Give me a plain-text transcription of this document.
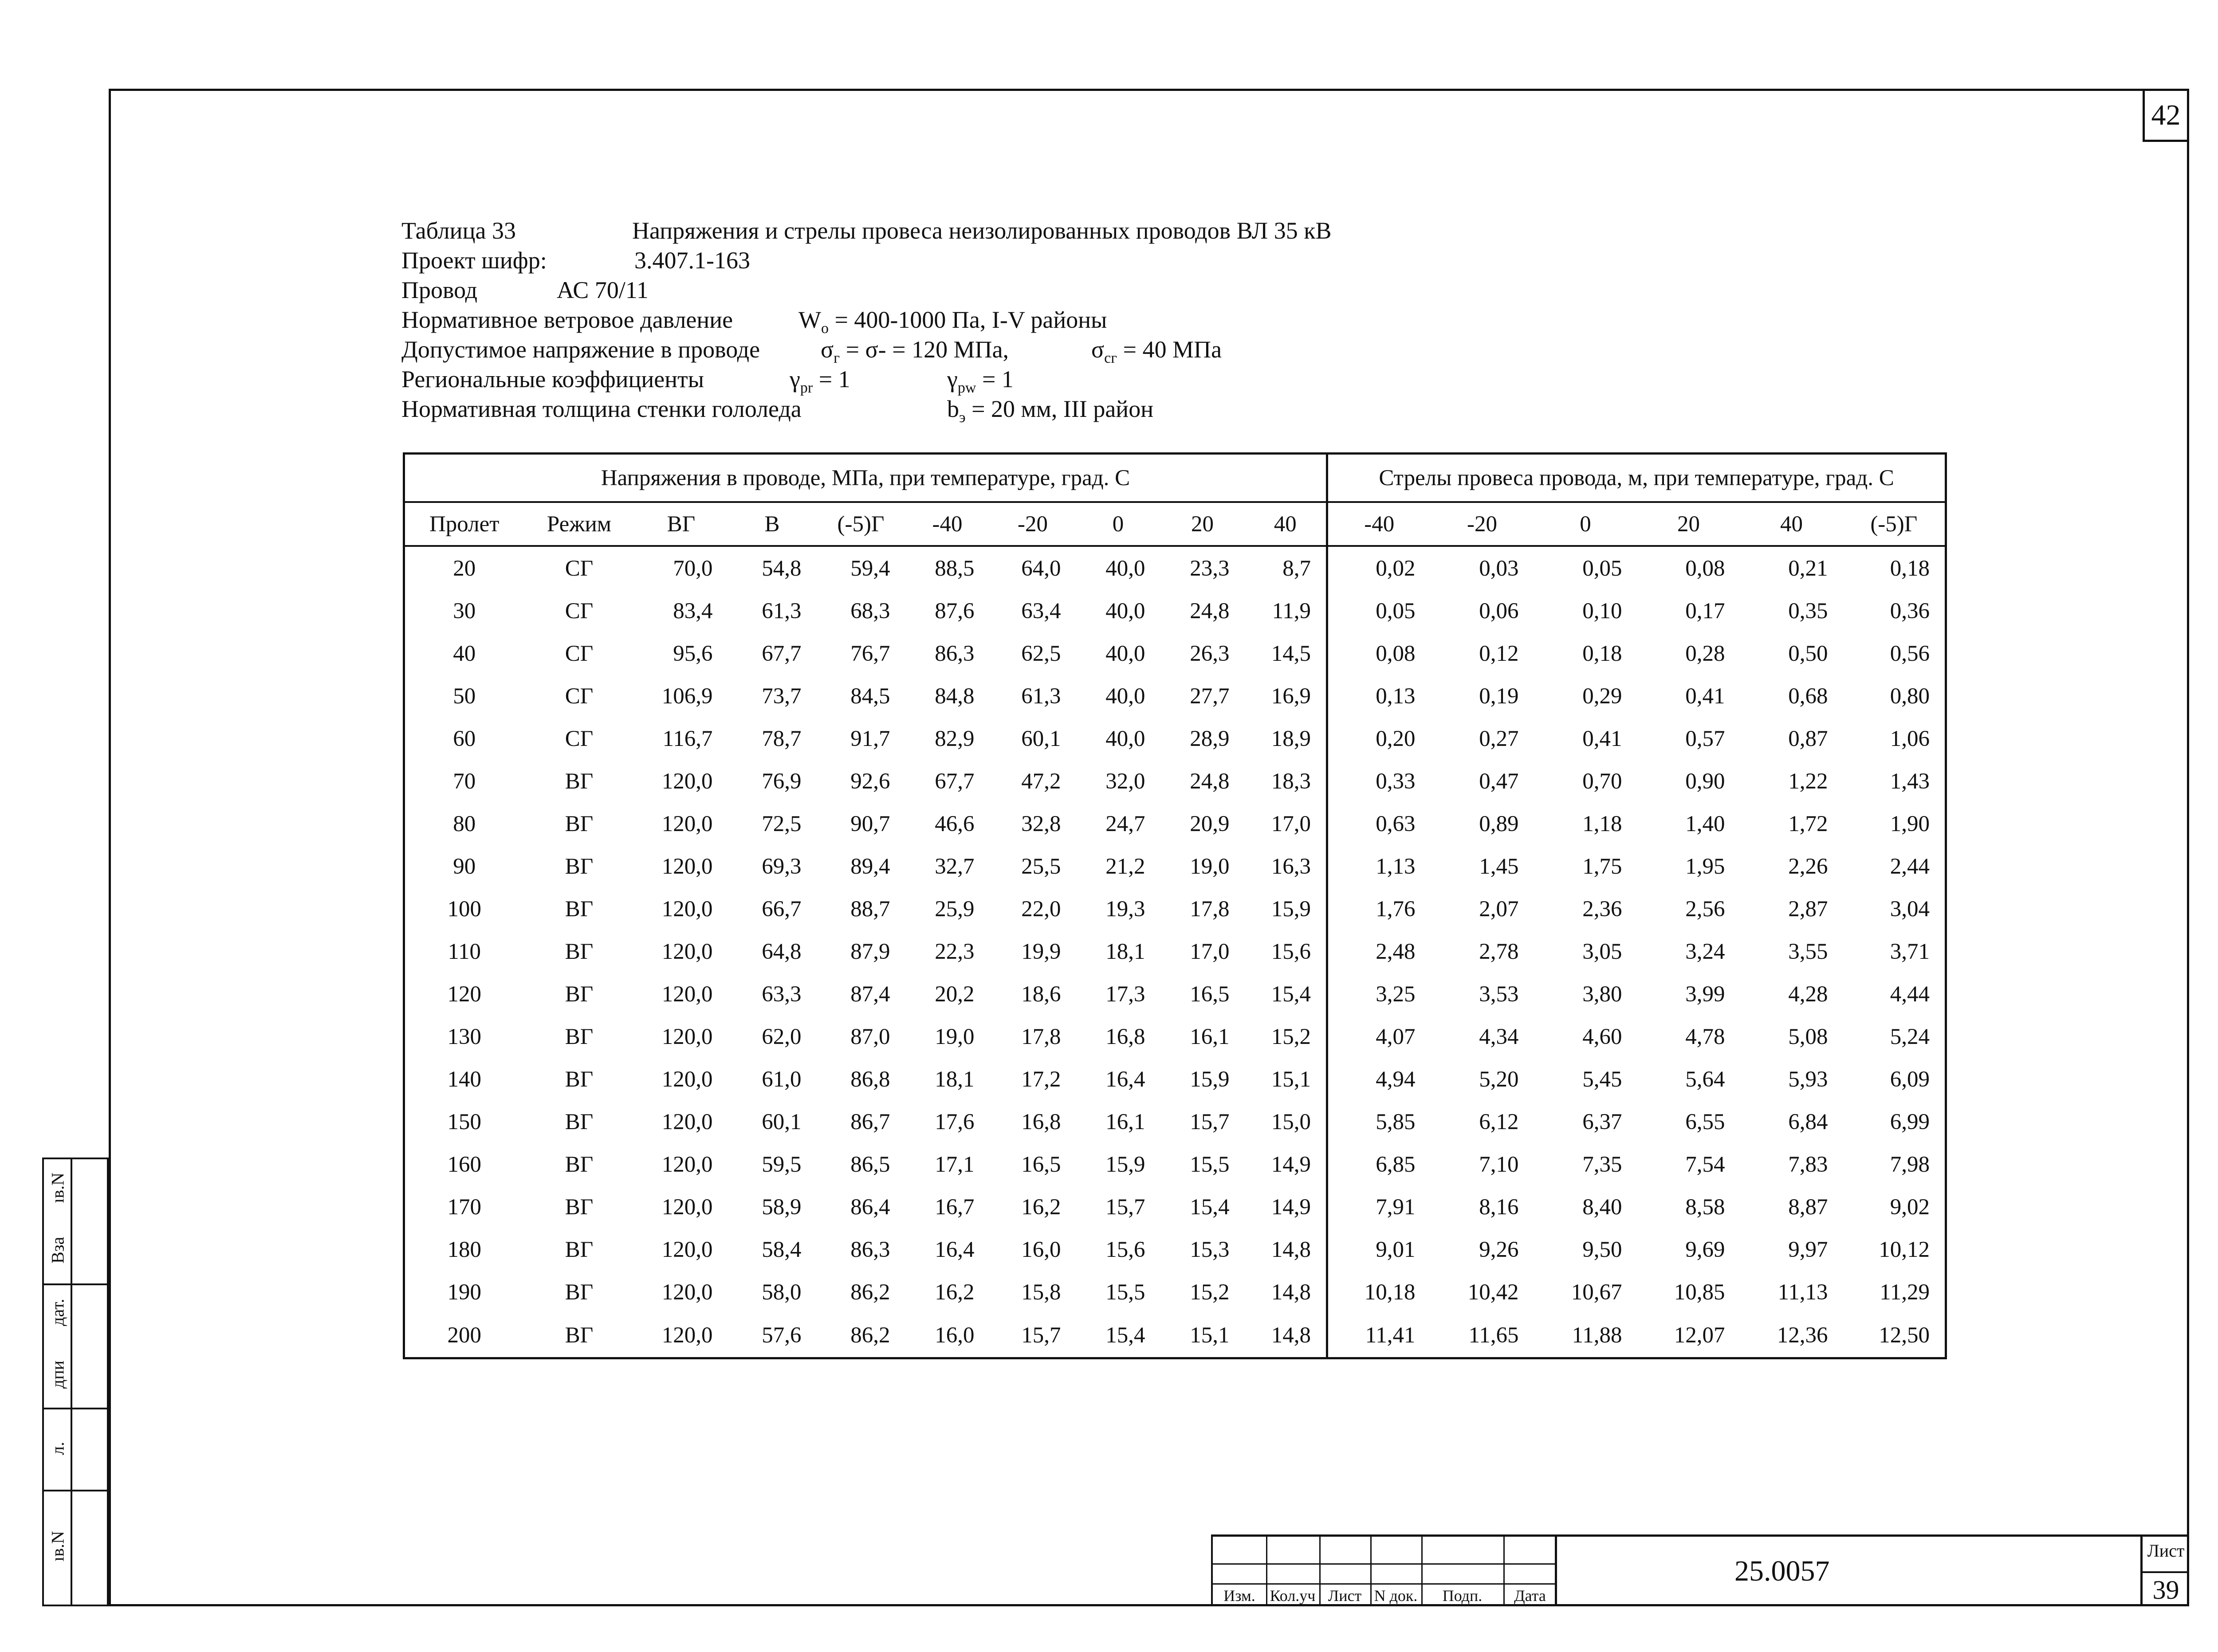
42
Таблица 33	Напряжения и стрелы провеса неизолированных проводов ВЛ 35 кВ
Проект шифр:	3.407.1-163
Провод	АС 70/11
Нормативное ветровое давление	$W_o = 400-1000$ Па, I-V районы
Допустимое напряжение в проводе	$\sigma_г = \sigma- = 120$ МПа,	$\sigma_{сг} = 40$ МПа
Региональные коэффициенты	$\gamma_{pr} = 1$	$\gamma_{pw} = 1$
Нормативная толщина стенки гололеда	$b_э = 20$ мм, III район
Напряжения в проводе, МПа, при температуре, град. С										Стрелы провеса провода, м, при температуре, град. С					
Пролет	Режим	ВГ	В	(-5)Г	-40	-20	0	20	40	-40	-20	0	20	40	(-5)Г
20	СГ	70,0	54,8	59,4	88,5	64,0	40,0	23,3	8,7	0,02	0,03	0,05	0,08	0,21	0,18
30	СГ	83,4	61,3	68,3	87,6	63,4	40,0	24,8	11,9	0,05	0,06	0,10	0,17	0,35	0,36
40	СГ	95,6	67,7	76,7	86,3	62,5	40,0	26,3	14,5	0,08	0,12	0,18	0,28	0,50	0,56
50	СГ	106,9	73,7	84,5	84,8	61,3	40,0	27,7	16,9	0,13	0,19	0,29	0,41	0,68	0,80
60	СГ	116,7	78,7	91,7	82,9	60,1	40,0	28,9	18,9	0,20	0,27	0,41	0,57	0,87	1,06
70	ВГ	120,0	76,9	92,6	67,7	47,2	32,0	24,8	18,3	0,33	0,47	0,70	0,90	1,22	1,43
80	ВГ	120,0	72,5	90,7	46,6	32,8	24,7	20,9	17,0	0,63	0,89	1,18	1,40	1,72	1,90
90	ВГ	120,0	69,3	89,4	32,7	25,5	21,2	19,0	16,3	1,13	1,45	1,75	1,95	2,26	2,44
100	ВГ	120,0	66,7	88,7	25,9	22,0	19,3	17,8	15,9	1,76	2,07	2,36	2,56	2,87	3,04
110	ВГ	120,0	64,8	87,9	22,3	19,9	18,1	17,0	15,6	2,48	2,78	3,05	3,24	3,55	3,71
120	ВГ	120,0	63,3	87,4	20,2	18,6	17,3	16,5	15,4	3,25	3,53	3,80	3,99	4,28	4,44
130	ВГ	120,0	62,0	87,0	19,0	17,8	16,8	16,1	15,2	4,07	4,34	4,60	4,78	5,08	5,24
140	ВГ	120,0	61,0	86,8	18,1	17,2	16,4	15,9	15,1	4,94	5,20	5,45	5,64	5,93	6,09
150	ВГ	120,0	60,1	86,7	17,6	16,8	16,1	15,7	15,0	5,85	6,12	6,37	6,55	6,84	6,99
160	ВГ	120,0	59,5	86,5	17,1	16,5	15,9	15,5	14,9	6,85	7,10	7,35	7,54	7,83	7,98
170	ВГ	120,0	58,9	86,4	16,7	16,2	15,7	15,4	14,9	7,91	8,16	8,40	8,58	8,87	9,02
180	ВГ	120,0	58,4	86,3	16,4	16,0	15,6	15,3	14,8	9,01	9,26	9,50	9,69	9,97	10,12
190	ВГ	120,0	58,0	86,2	16,2	15,8	15,5	15,2	14,8	10,18	10,42	10,67	10,85	11,13	11,29
200	ВГ	120,0	57,6	86,2	16,0	15,7	15,4	15,1	14,8	11,41	11,65	11,88	12,07	12,36	12,50
ıв.N
Вза
дат.
дпи
л.
ıв.N
Изм. Кол.уч Лист N док.	Подп.	Дата
25.0057
Лист
39
